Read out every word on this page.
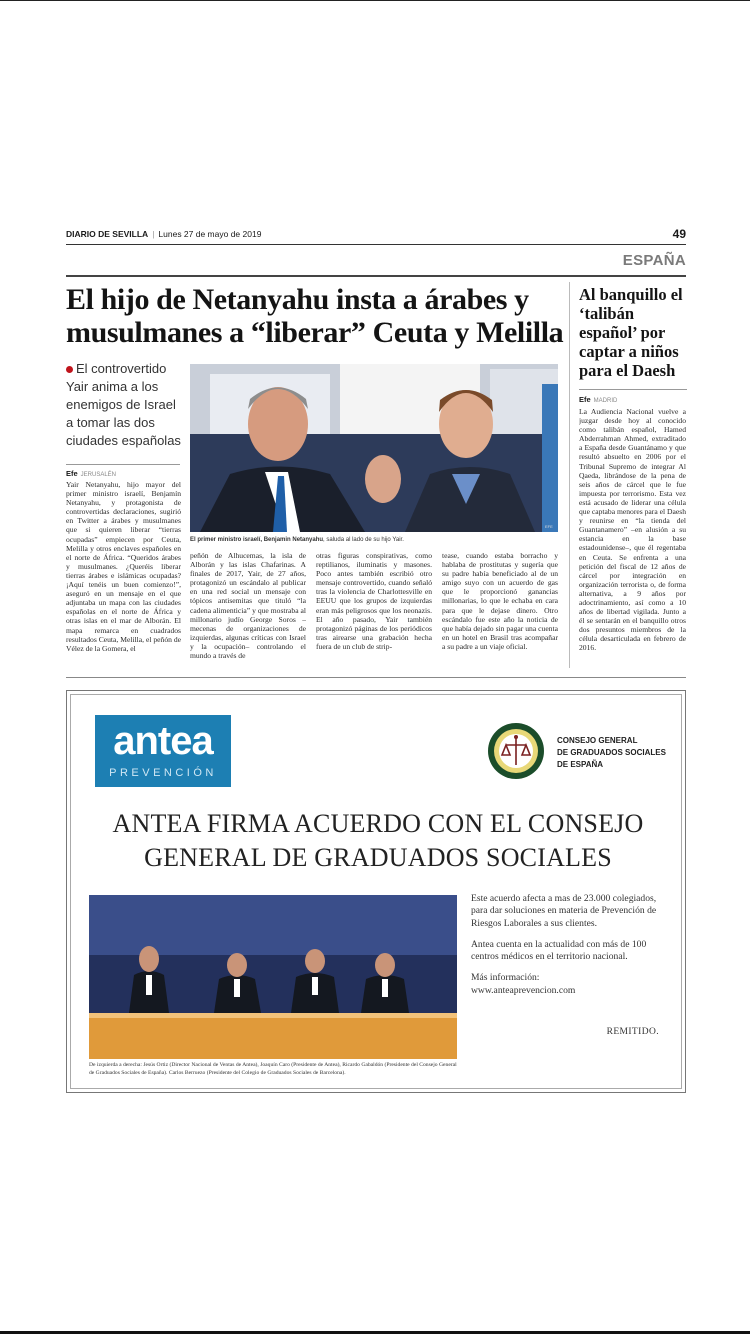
DIARIO DE SEVILLA | Lunes 27 de mayo de 2019	49
ESPAÑA
El hijo de Netanyahu insta a árabes y musulmanes a “liberar” Ceuta y Melilla
El controvertido Yair anima a los enemigos de Israel a tomar las dos ciudades españolas
Efe JERUSALÉN
Yair Netanyahu, hijo mayor del primer ministro israelí, Benjamín Netanyahu, y protagonista de controvertidas declaraciones, sugirió en Twitter a árabes y musulmanes que si quieren liberar “tierras ocupadas” empiecen por Ceuta, Melilla y otros enclaves españoles en el norte de África. “Queridos árabes y musulmanes. ¿Queréis liberar tierras árabes e islámicas ocupadas? ¡Aquí tenéis un buen comienzo!”, aseguró en un mensaje en el que adjuntaba un mapa con las ciudades españolas en el norte de África y otras islas en el mar de Alborán. El mapa remarca en cuadrados resultados Ceuta, Melilla, el peñón de Vélez de la Gomera, el
EFE
El primer ministro israelí, Benjamin Netanyahu, saluda al lado de su hijo Yair.
peñón de Alhucemas, la isla de Alborán y las islas Chafarinas. A finales de 2017, Yair, de 27 años, protagonizó un escándalo al publicar en una red social un mensaje con tópicos antisemitas que tituló “la cadena alimenticia” y que mostraba al millonario judío George Soros –mecenas de organizaciones de izquierdas, algunas críticas con Israel y la ocupación– controlando el mundo a través de
otras figuras conspirativas, como reptilianos, iluminatis y masones. Poco antes también escribió otro mensaje controvertido, cuando señaló tras la violencia de Charlottesville en EEUU que los grupos de izquierdas eran más peligrosos que los neonazis. El año pasado, Yair también protagonizó páginas de los periódicos tras airearse una grabación hecha fuera de un club de strip-
tease, cuando estaba borracho y hablaba de prostitutas y sugería que su padre había beneficiado al de un amigo suyo con un acuerdo de gas que le proporcionó ganancias millonarias, lo que le echaba en cara para que le dejase dinero. Otro escándalo fue este año la noticia de que había dejado sin pagar una cuenta en un hotel en Brasil tras acompañar a su padre a un viaje oficial.
Al banquillo el ‘talibán español’ por captar a niños para el Daesh
Efe MADRID
La Audiencia Nacional vuelve a juzgar desde hoy al conocido como talibán español, Hamed Abderrahman Ahmed, extraditado a España desde Guantánamo y que resultó absuelto en 2006 por el Tribunal Supremo de integrar Al Qaeda, librándose de la pena de seis años de cárcel que le fue impuesta por terrorismo. Esta vez está acusado de liderar una célula que captaba menores para el Daesh y reunirse en “la tienda del Guantanamero” –en alusión a su estancia en la base estadounidense–, que él regentaba en Ceuta. Se enfrenta a una petición del fiscal de 12 años de cárcel por integración en organización terrorista o, de forma alternativa, a 9 años por adoctrinamiento, así como a 10 años de libertad vigilada. Junto a él se sentarán en el banquillo otros dos presuntos miembros de la célula desarticulada en febrero de 2016.
antea
PREVENCIÓN
CONSEJO GENERAL
DE GRADUADOS SOCIALES
DE ESPAÑA
ANTEA FIRMA ACUERDO CON EL CONSEJO
GENERAL DE GRADUADOS SOCIALES
De izquierda a derecha: Jesús Ortiz (Director Nacional de Ventas de Antea), Joaquín Caro (Presidente de Antea), Ricardo Gabaldón (Presidente del Consejo General de Graduados Sociales de España). Carlos Berruezo (Presidente del Colegio de Graduados Sociales de Barcelona).

Este acuerdo afecta a mas de 23.000 colegiados, para dar soluciones en materia de Prevención de Riesgos Laborales a sus clientes.

Antea cuenta en la actualidad con más de 100 centros médicos en el territorio nacional.

Más información:
www.anteaprevencion.com
REMITIDO.
